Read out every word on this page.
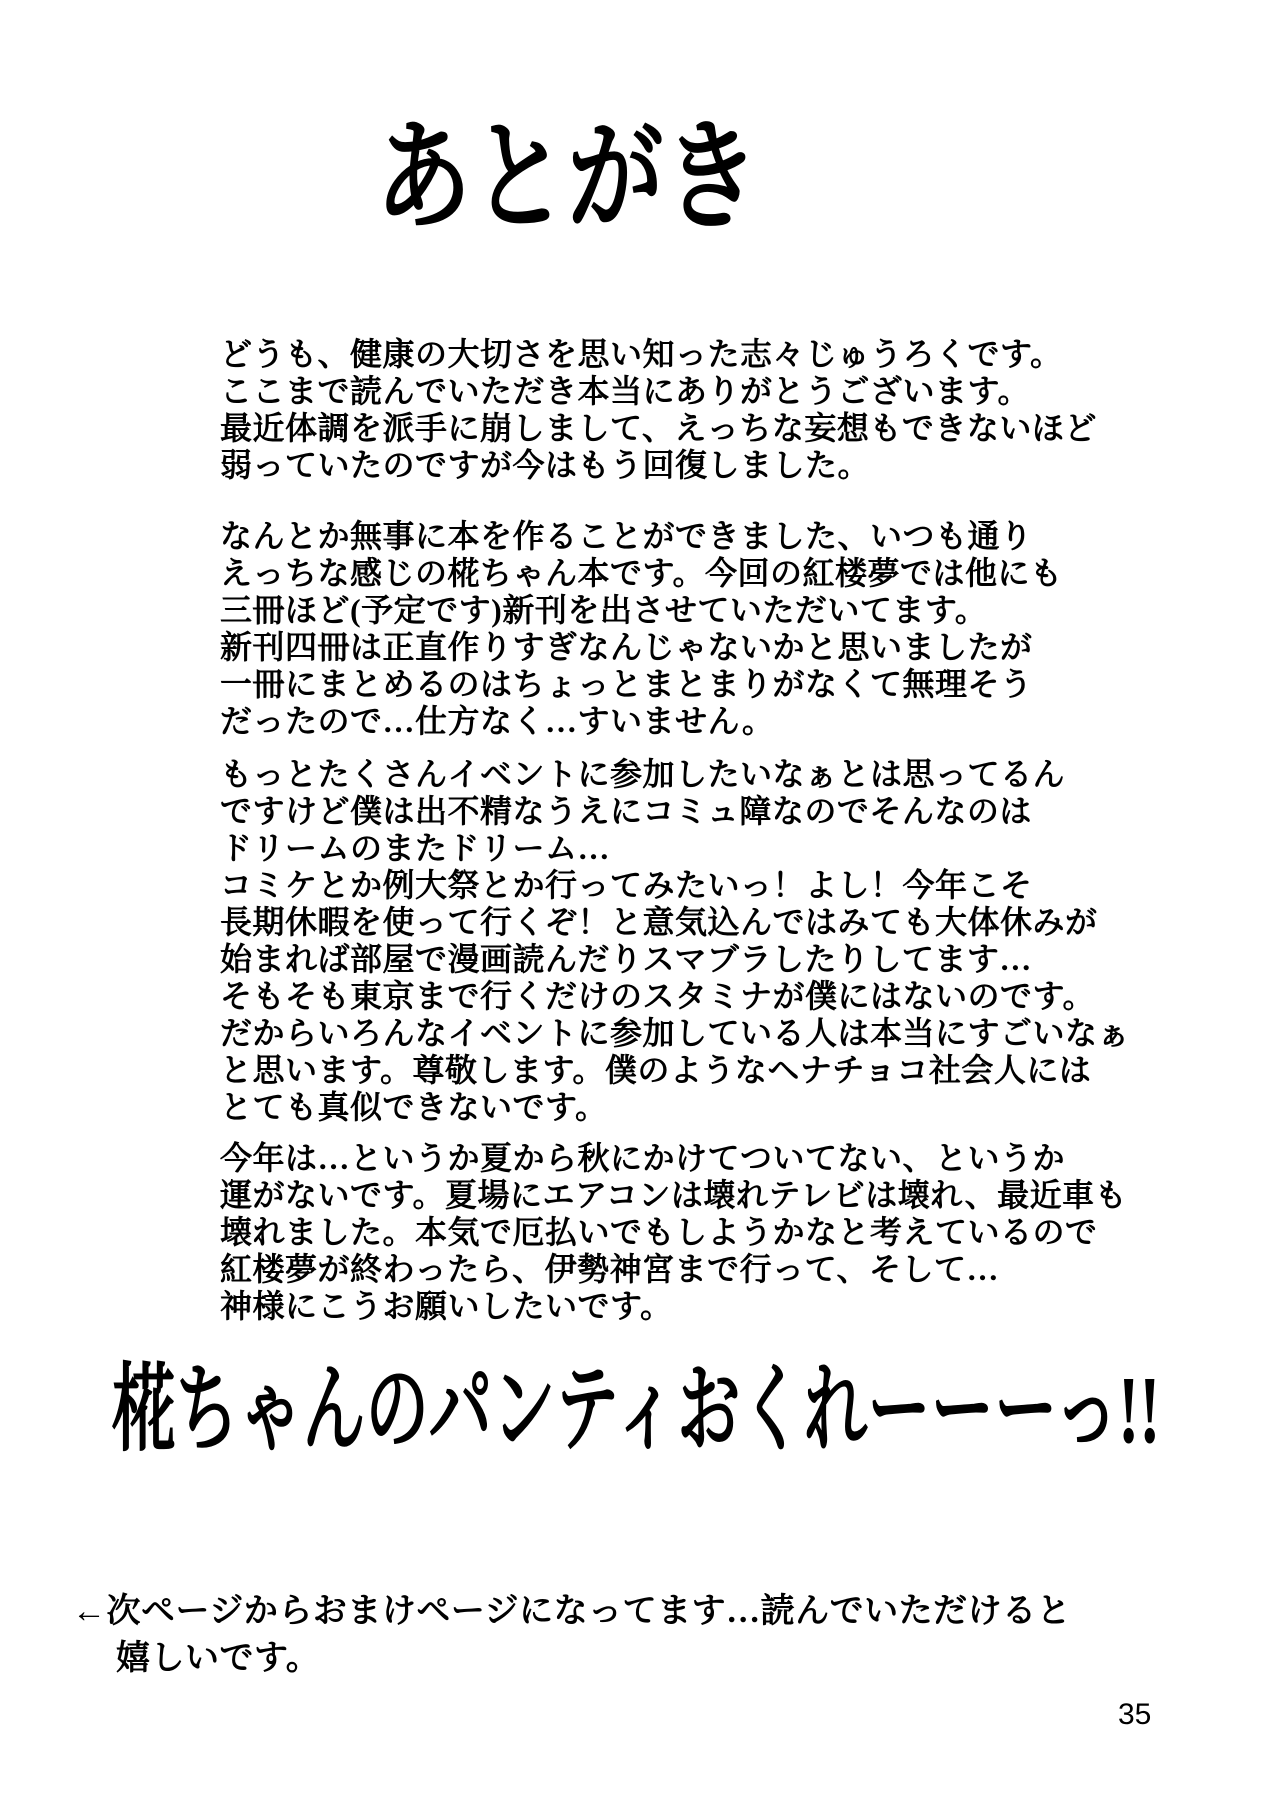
あとがき
どうも、健康の大切さを思い知った志々じゅうろくです。
ここまで読んでいただき本当にありがとうございます。
最近体調を派手に崩しまして、えっちな妄想もできないほど
弱っていたのですが今はもう回復しました。
なんとか無事に本を作ることができました、いつも通り
えっちな感じの椛ちゃん本です。今回の紅楼夢では他にも
三冊ほど(予定です)新刊を出させていただいてます。
新刊四冊は正直作りすぎなんじゃないかと思いましたが
一冊にまとめるのはちょっとまとまりがなくて無理そう
だったので…仕方なく…すいません。
もっとたくさんイベントに参加したいなぁとは思ってるん
ですけど僕は出不精なうえにコミュ障なのでそんなのは
ドリームのまたドリーム…
コミケとか例大祭とか行ってみたいっ！よし！今年こそ
長期休暇を使って行くぞ！と意気込んではみても大体休みが
始まれば部屋で漫画読んだりスマブラしたりしてます…
そもそも東京まで行くだけのスタミナが僕にはないのです。
だからいろんなイベントに参加している人は本当にすごいなぁ
と思います。尊敬します。僕のようなヘナチョコ社会人には
とても真似できないです。
今年は…というか夏から秋にかけてついてない、というか
運がないです。夏場にエアコンは壊れテレビは壊れ、最近車も
壊れました。本気で厄払いでもしようかなと考えているので
紅楼夢が終わったら、伊勢神宮まで行って、そして…
神様にこうお願いしたいです。
椛ちゃんのパンティおくれーーーっ!!
←次ページからおまけページになってます…読んでいただけると
嬉しいです。
35
